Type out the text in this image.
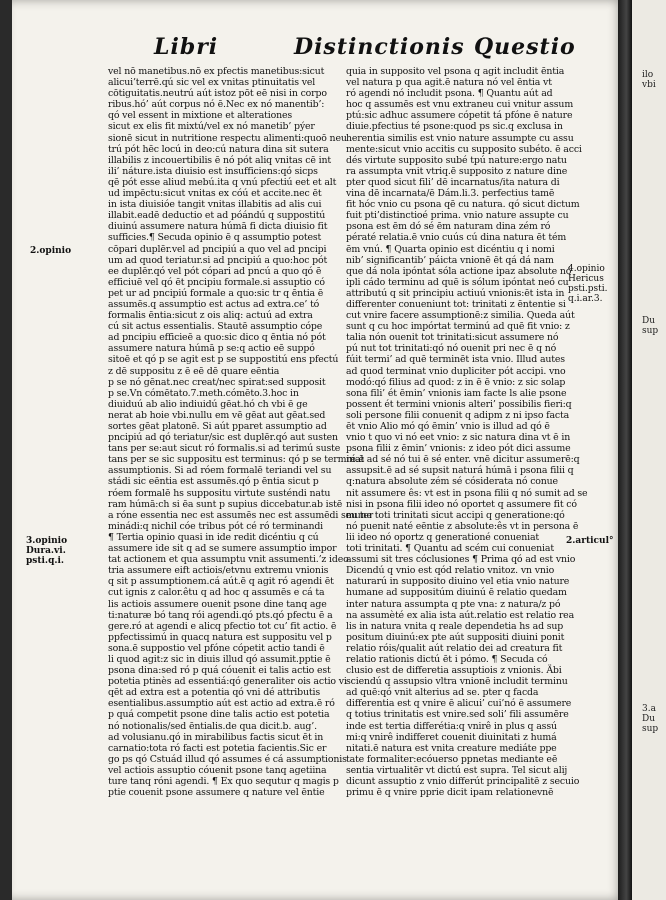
Libri	Distinctionis Questio
vel nō manetibus.nō ex pfectis manetibus:sicut
alicui’terrē.qú sic vel ex vnitas ptinuitatis vel
cōtiguitatis.neutrú aút istoz pōt eē nisi in corpo
ribus.hó’ aút corpus nó ē.Nec ex nó manentib’:
qó vel essent in mixtione et alterationes
sicut ex elis fit mixtú/vel ex nó manetib’ pýer
sionē sicut in nutritione respectu alimenti:quoō neu
trú pót hēc locú in deo:cú natura dina sit sutera
illabilis z incouertibilis ē nó pót aliq vnitas cē int
ili’ náture.ista diuisio est insufficiens:qó sicps
qē pót esse aliud mebú.ita q vnú pfectiú eet et alt
ud impēctu:sicut vnitas ex cóú et accite.nec ēt
in ista diuisióe tangit vnitas illabitis ad alis cui
illabit.eadē deductio et ad póándú q suppostitú
diuinú assumere natura húmā fi dicta diuisio fit
sufficies.¶ Secuda opinio ē q assumptio potest
cōpari duplēr.vel ad pncipiú a quo vel ad pncipi
um ad quod teriatur.si ad pncipiú a quo:hoc pót
ee duplēr.qó vel pót cópari ad pncú a quo qó ē
efficiuē vel qó ēt pncipiu formale.si assuptio có
pet ur ad pncipiú formale a quo:sic tr q ēntia ē
assumēs.q assumptio est actus ad extra.ce’ tó
formalis ēntia:sicut z ois aliq: actuú ad extra
cú sit actus essentialis. Stautē assumptio cópe
ad pncipiu efficieē a quo:sic dico q ēntia nó pót
assumere natura húmā p se:q actio eē suppó
sitoē et qó p se agit est p se suppostitú ens pfectú
z dē suppositu z ē eē dē quare eēntia
p se nó gēnat.nec creat/nec spirat:sed supposit
p se.Vn cómētato.7.meth.cómēto.3.hoc in
diuiduú ab alio indiuidú gēat.hó ch vbi ē ge
nerat ab hoie vbi.nullu em vē gēat aut gēat.sed
sortes gēat platonē. Si aút pparet assumptio ad
pncipiú ad qó teriatur/sic est duplēr.qó aut susten
tans per se:aut sicut ró formalis.si ad terimú suste
tans per se sic suppositu est terminus: qó p se terminat
assumptionis. Si ad róem formalē teriandi vel su
stádi sic eēntia est assumēs.qó p ēntia sicut p
róem formalē hs suppositu virtute susténdi natu
ram húmā:ch si ēa sunt p supius diccebatur.ab istē
a róne essentia nec est assumēs nec est assumēdi seu ter
minádi:q nichil cóe tribus pót cé ró terminandi
¶ Tertia opinio quasi in ide redit dicéntiu q cú
assumere ide sit q ad se sumere assumptio impor
tat actionem et qua assumptu vnit assumenti.’z ideo
tria assumere eift actiois/etvnu extremu vnionis
q sit p assumptionem.cá aút.ē q agit ró agendi ēt
cut ignis z calor.êtu q ad hoc q assumēs e cá ta
lis actiois assumere ouenit psone dine tanq age
ti:naturæ bó tanq rói agendi.qó pts.qó pfectu ē a
gere.ró at agendi e alicq pfectio tot cu’ fit actio. ē
ppfectissimú in quacq natura est suppositu vel p
sona.ē suppostio vel pfóne cópetit actio tandi ē
li quod agit:z sic in diuis illud qó assumit.pptie ē
psona dina:sed ró p quá cóuenit ei talis actio est
potetia ptinès ad essentiá:qó generaliter ois actio vi
qēt ad extra est a potentia qó vni dé attributis
esentialibus.assumptio aút est actio ad extra.ē ró
p quá competit psone dine talis actio est potetia
nó notionalis/sed ēntialis.de qua dicit.b. aug’.
ad volusianu.qó in mirabilibus factis sicut ēt in
carnatio:tota ró facti est potetia facientis.Sic er
go ps qó Cstuád illud qó assumes é cá assumptionis
vel actiois assuptio cóuenit psone tanq agetiina
ture tanq róni agendi. ¶ Ex quo sequtur q magis p
ptie couenit psone assumere q nature vel ēntie
quia in supposito vel psona q agit includit ēntia
vel natura p qua agit.ē natura nó vel ēntia vt
ró agendi nó includit psona. ¶ Quantu aút ad
hoc q assumēs est vnu extraneu cui vnitur assum
ptú:sic adhuc assumere cópetit tá pfóne ē nature
diuie.pfectius té psone:quod ps sic.q exclusa in
herentia similis est vnio nature assumpte cu assu
mente:sicut vnio accitis cu supposito subéto. ē acci
dés virtute supposito subé tpú nature:ergo natu
ra assumpta vnit vtriq.ē supposito z nature dine
pter quod sicut fili’ dē incarnatus/ita natura di
vina dē incarnata/ē Dám.li.3. perfectius tamē
fit hóc vnio cu psona qē cu natura. qó sicut dictum
fuit pti’distinctioé prima. vnio nature assupte cu
psona est ēm dó sé ēm naturam dina zém ró
pératé relatia.ē vnio cuús cú dina natura ēt tém
ēm vnú. ¶ Quarta opinio est dicéntiu q i nomi
nib’ significantib’ páicta vnionē ēt qá dá nam
que dá nola ipóntat sóla actione ipaz absolute nó
ipli cádo terminu ad quē is sólum ipóntat neó cu
attributú q sit principiu actiuú vnionis:ēt ista in
differenter conueniunt tot: trinitati z ēntentie si
cut vnire facere assumptionē:z similia. Queda aút
sunt q cu hoc impórtat terminú ad quē fit vnio: z
talia nón ouenit tot trinitati:sicut assumere nó
pú nut tot trinitati:qó nó ouenit pri nec ē q nó
fúit termi’ ad quē terminēt ista vnio. Illud autes
ad quod terminat vnio dupliciter pót accipi. vno
modó:qó filius ad quod: z in ē ē vnio: z sic solap
sona fili’ ét ēmin’ vnionis iam facte ls alie psone
possent ét termini vnionis alteri’ possibilis fieri:q
soli persone filii conuenit q adipm z ni ipso facta
ēt vnio Alio mó qó ēmin’ vnio is illud ad qó ē
vnio t quo vi nó eet vnio: z sic natura dina vt ē in
psona filii z ēmin’ vnionis: z ideo pót dici assume
ré.ē ad sé nó tui ē sé enter. vnē dicitur assumerē:q
assupsit.ē ad sé supsit naturá húmā i psona filii q
q:natura absolute zém sé cósiderata nó conue
nit assumere ês: vt est in psona filii q nó sumit ad se
nisi in psona filii ideo nó oportet q assumere fit có
mune toti trinitati sicut accipi q generatione:qó
nó puenit naté eēntie z absolute:ês vt in persona ē
lii ideo nó oportz q generationé conueniat
toti trinitati. ¶ Quantu ad scém cui conueniat
assumi sit tres cóclusiones ¶ Prima qó ad est vnio
Dicendú q vnio est qód relatio vnitoz. vn vnio
naturarú in supposito diuino vel etia vnio nature
humane ad suppositúm diuinú ē relatio quedam
inter natura assumpta q pte vna: z natura/z pó
na assumèté ex alia ista aút.relatio est relatio rea
lis in natura vnita q reale dependetia hs ad sup
positum diuinú:ex pte aút suppositi diuini ponit
relatio róis/qualit aút relatio dei ad creatura fit
relatio rationis dictú ēt i pómo. ¶ Secuda có
clusio est de differetia assuptiois z vnionis. Äbi
sciendú q assupsio vltra vnionē includit terminu
ad quē:qó vnit alterius ad se. pter q facda
differentia est q vnire ē alicui’ cui’nó ē assumere
q totius trinitatis est vnire.sed soli’ fili assumēre
inde est tertia differétia:q vnirê in plus q assú
mi:q vnirê indifferet couenit diuinitati z humá
nitati.ē natura est vnita creature mediáte ppe
tate formaliter:ecóuerso ppnetas mediante eē
sentia virtualitēr vt dictú est supra. Tel sicut alij
dicunt assuptio z vnio differút principalitē z secuio
primu ē q vnire pprie dicit ipam relationevnē
2.opinio
3.opinio
Dura.vi.
psti.q.i.
4.opinio
Hericus
psti.psti.
q.i.ar.3.
2.articul°
ilo
vbi
Du
sup
3.a
Du
sup
